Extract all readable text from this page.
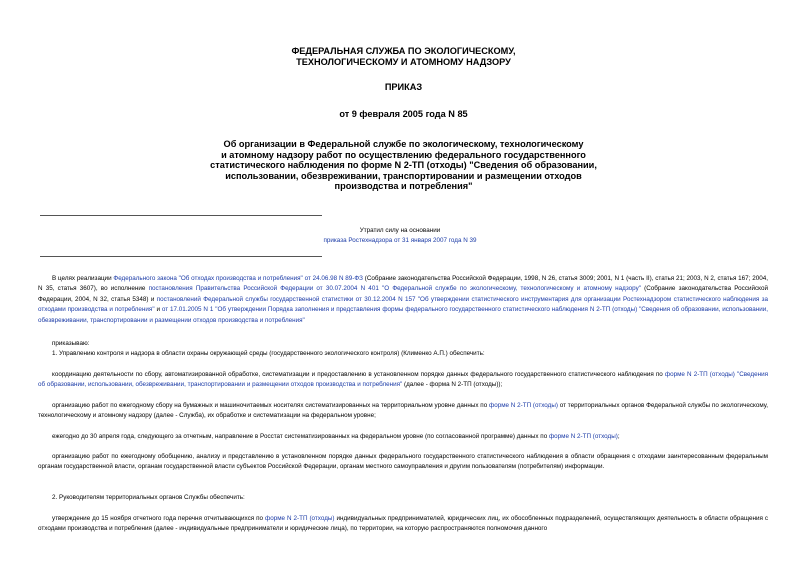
ФЕДЕРАЛЬНАЯ СЛУЖБА ПО ЭКОЛОГИЧЕСКОМУ,
ТЕХНОЛОГИЧЕСКОМУ И АТОМНОМУ НАДЗОРУ
ПРИКАЗ
от 9 февраля 2005 года N 85
Об организации в Федеральной службе по экологическому, технологическому
и атомному надзору работ по осуществлению федерального государственного
статистического наблюдения по форме N 2-ТП (отходы) "Сведения об образовании,
использовании, обезвреживании, транспортировании и размещении отходов
производства и потребления"
Утратил силу на основании
приказа Ростехнадзора от 31 января 2007 года N 39
В целях реализации Федерального закона "Об отходах производства и потребления" от 24.06.98 N 89-ФЗ (Собрание законодательства Российской Федерации, 1998, N 26, статья 3009; 2001, N 1 (часть II), статья 21; 2003, N 2, статья 167; 2004, N 35, статья 3607), во исполнение постановления Правительства Российской Федерации от 30.07.2004 N 401 "О Федеральной службе по экологическому, технологическому и атомному надзору" (Собрание законодательства Российской Федерации, 2004, N 32, статья 5348) и постановлений Федеральной службы государственной статистики от 30.12.2004 N 157 "Об утверждении статистического инструментария для организации Ростехнадзором статистического наблюдения за отходами производства и потребления" и от 17.01.2005 N 1 "Об утверждении Порядка заполнения и представления формы федерального государственного статистического наблюдения N 2-ТП (отходы) "Сведения об образовании, использовании, обезвреживании, транспортировании и размещении отходов производства и потребления"
приказываю:
1. Управлению контроля и надзора в области охраны окружающей среды (государственного экологического контроля) (Клименко А.П.) обеспечить:
координацию деятельности по сбору, автоматизированной обработке, систематизации и предоставлению в установленном порядке данных федерального государственного статистического наблюдения по форме N 2-ТП (отходы) "Сведения об образовании, использовании, обезвреживании, транспортировании и размещении отходов производства и потребления" (далее - форма N 2-ТП (отходы));
организацию работ по ежегодному сбору на бумажных и машиночитаемых носителях систематизированных на территориальном уровне данных по форме N 2-ТП (отходы) от территориальных органов Федеральной службы по экологическому, технологическому и атомному надзору (далее - Служба), их обработке и систематизации на федеральном уровне;
ежегодно до 30 апреля года, следующего за отчетным, направление в Росстат систематизированных на федеральном уровне (по согласованной программе) данных по форме N 2-ТП (отходы);
организацию работ по ежегодному обобщению, анализу и представлению в установленном порядке данных федерального государственного статистического наблюдения в области обращения с отходами заинтересованным федеральным органам государственной власти, органам государственной власти субъектов Российской Федерации, органам местного самоуправления и другим пользователям (потребителям) информации.
2. Руководителям территориальных органов Службы обеспечить:
утверждение до 15 ноября отчетного года перечня отчитывающихся по форме N 2-ТП (отходы) индивидуальных предпринимателей, юридических лиц, их обособленных подразделений, осуществляющих деятельность в области обращения с отходами производства и потребления (далее - индивидуальные предприниматели и юридические лица), по территории, на которую распространяются полномочия данного
